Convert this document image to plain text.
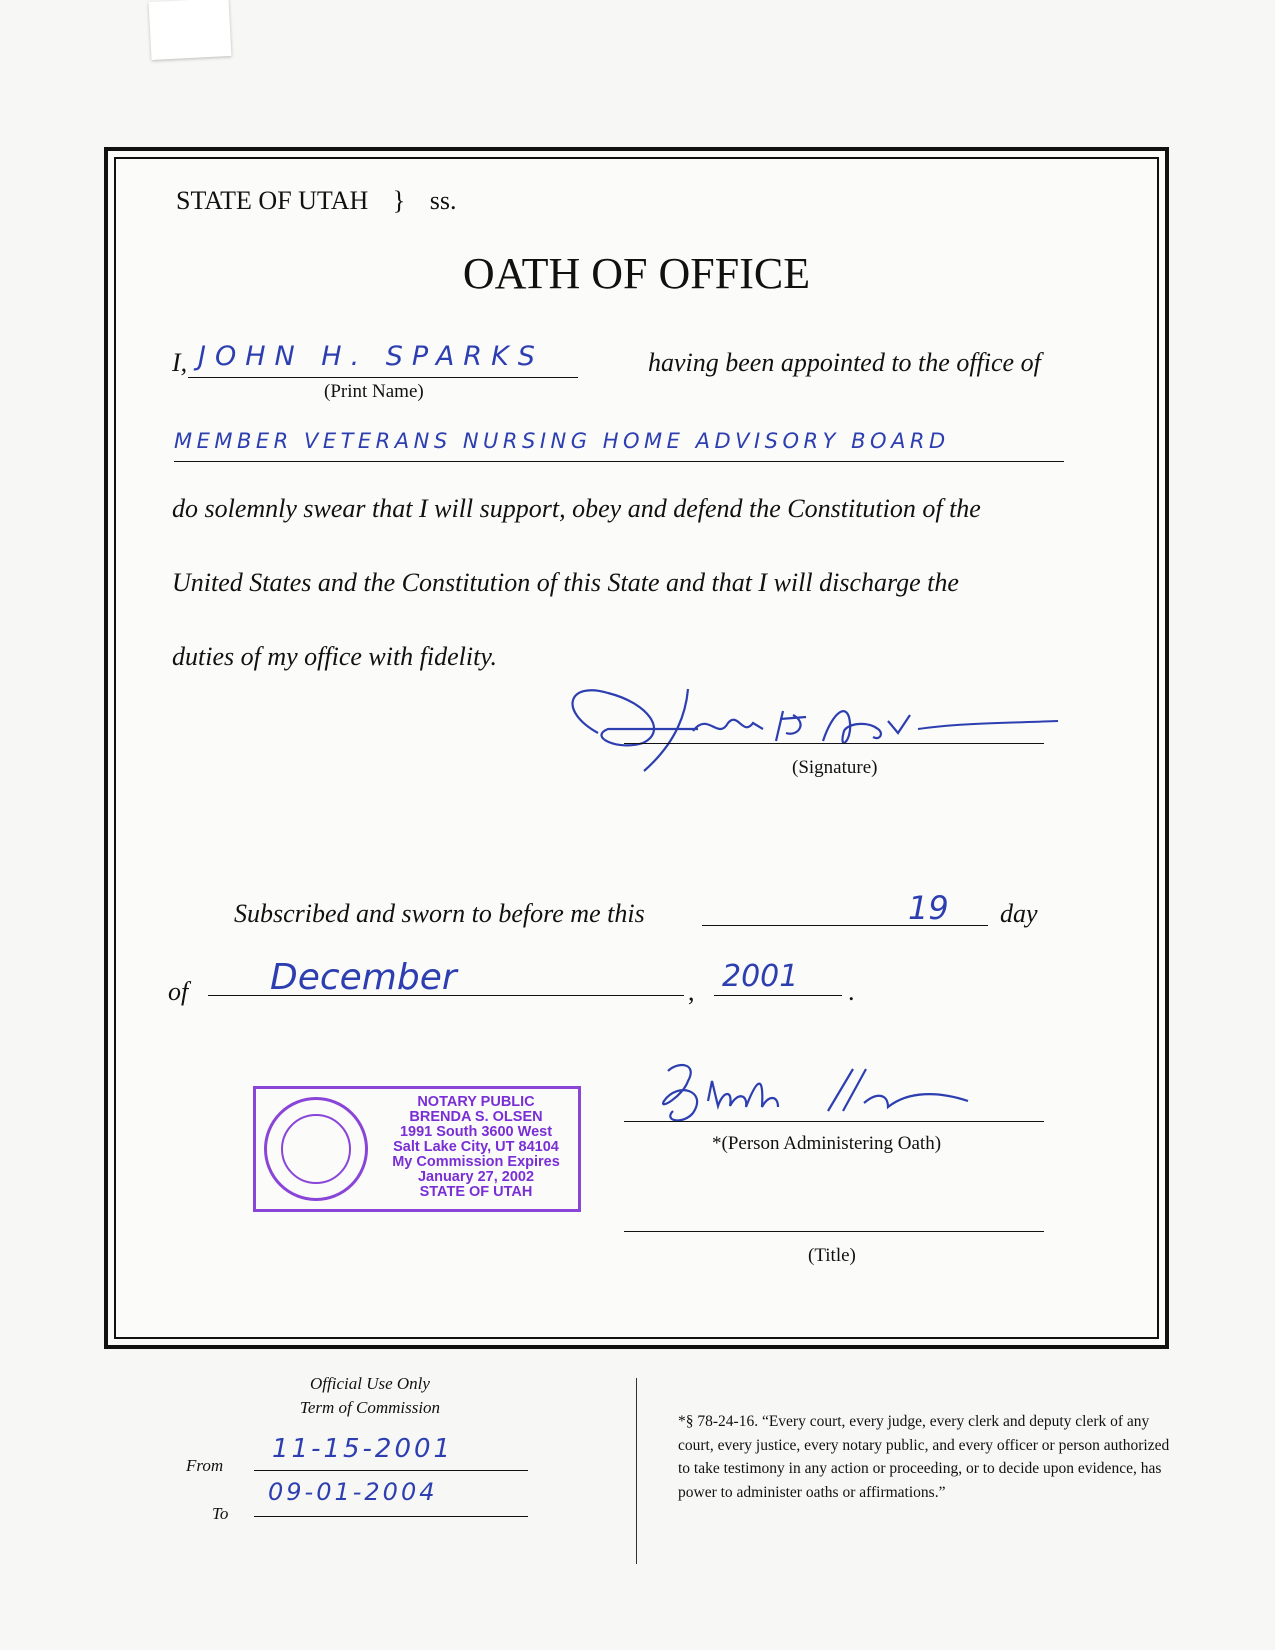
STATE OF UTAH } ss.
OATH OF OFFICE
I, JOHN H. SPARKS
(Print Name)
having been appointed to the office of
MEMBER VETERANS NURSING HOME ADVISORY BOARD
do solemnly swear that I will support, obey and defend the Constitution of the
United States and the Constitution of this State and that I will discharge the
duties of my office with fidelity.
(Signature)
Subscribed and sworn to before me this	19 day
of December	, 2001 .
NOTARY PUBLIC
BRENDA S. OLSEN
1991 South 3600 West
Salt Lake City, UT 84104
My Commission Expires
January 27, 2002
STATE OF UTAH
*(Person Administering Oath)
(Title)
Official Use Only
Term of Commission
From
11-15-2001
To
09-01-2004
*§ 78-24-16. “Every court, every judge, every clerk and deputy clerk of any court, every justice, every notary public, and every officer or person authorized to take testimony in any action or proceeding, or to decide upon evidence, has power to administer oaths or affirmations.”
